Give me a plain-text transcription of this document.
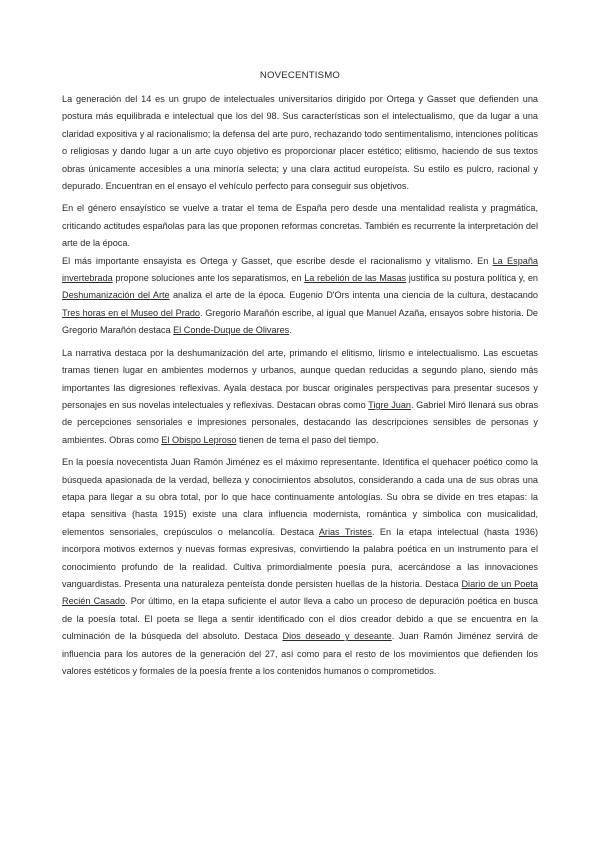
NOVECENTISMO

La generación del 14 es un grupo de intelectuales universitarios dirigido por Ortega y Gasset que defienden una postura más equilibrada e intelectual que los del 98. Sus características son el intelectualismo, que da lugar a una claridad expositiva y al racionalismo; la defensa del arte puro, rechazando todo sentimentalismo, intenciones políticas o religiosas y dando lugar a un arte cuyo objetivo es proporcionar placer estético; elitismo, haciendo de sus textos obras únicamente accesibles a una minoría selecta; y una clara actitud europeísta. Su estilo es pulcro, racional y depurado. Encuentran en el ensayo el vehículo perfecto para conseguir sus objetivos.

En el género ensayístico se vuelve a tratar el tema de España pero desde una mentalidad realista y pragmática, criticando actitudes españolas para las que proponen reformas concretas. También es recurrente la interpretación del arte de la época.

El más importante ensayista es Ortega y Gasset, que escribe desde el racionalismo y vitalismo. En La España invertebrada propone soluciones ante los separatismos, en La rebelión de las Masas justifica su postura política y, en Deshumanización del Arte analiza el arte de la época. Eugenio D'Ors intenta una ciencia de la cultura, destacando Tres horas en el Museo del Prado. Gregorio Marañón escribe, al igual que Manuel Azaña, ensayos sobre historia. De Gregorio Marañón destaca El Conde-Duque de Olivares.

La narrativa destaca por la deshumanización del arte, primando el elitismo, lirismo e intelectualismo. Las escuetas tramas tienen lugar en ambientes modernos y urbanos, aunque quedan reducidas a segundo plano, siendo más importantes las digresiones reflexivas. Ayala destaca por buscar originales perspectivas para presentar sucesos y personajes en sus novelas intelectuales y reflexivas. Destacan obras como Tigre Juan. Gabriel Miró llenará sus obras de percepciones sensoriales e impresiones personales, destacando las descripciones sensibles de personas y ambientes. Obras como El Obispo Leproso tienen de tema el paso del tiempo.

En la poesía novecentista Juan Ramón Jiménez es el máximo representante. Identifica el quehacer poético como la búsqueda apasionada de la verdad, belleza y conocimientos absolutos, considerando a cada una de sus obras una etapa para llegar a su obra total, por lo que hace continuamente antologías. Su obra se divide en tres etapas: la etapa sensitiva (hasta 1915) existe una clara influencia modernista, romántica y simbolica con musicalidad, elementos sensoriales, crepúsculos o melancolía. Destaca Arias Tristes. En la etapa intelectual (hasta 1936) incorpora motivos externos y nuevas formas expresivas, convirtiendo la palabra poética en un instrumento para el conocimiento profundo de la realidad. Cultiva primordialmente poesía pura, acercándose a las innovaciones vanguardistas. Presenta una naturaleza penteísta donde persisten huellas de la historia. Destaca Diario de un Poeta Recién Casado. Por último, en la etapa suficiente el autor lleva a cabo un proceso de depuración poética en busca de la poesía total. El poeta se llega a sentir identificado con el dios creador debido a que se encuentra en la culminación de la búsqueda del absoluto. Destaca Dios deseado y deseante. Juan Ramón Jiménez servirá de influencia para los autores de la generación del 27, así como para el resto de los movimientos que defienden los valores estéticos y formales de la poesía frente a los contenidos humanos o comprometidos.
